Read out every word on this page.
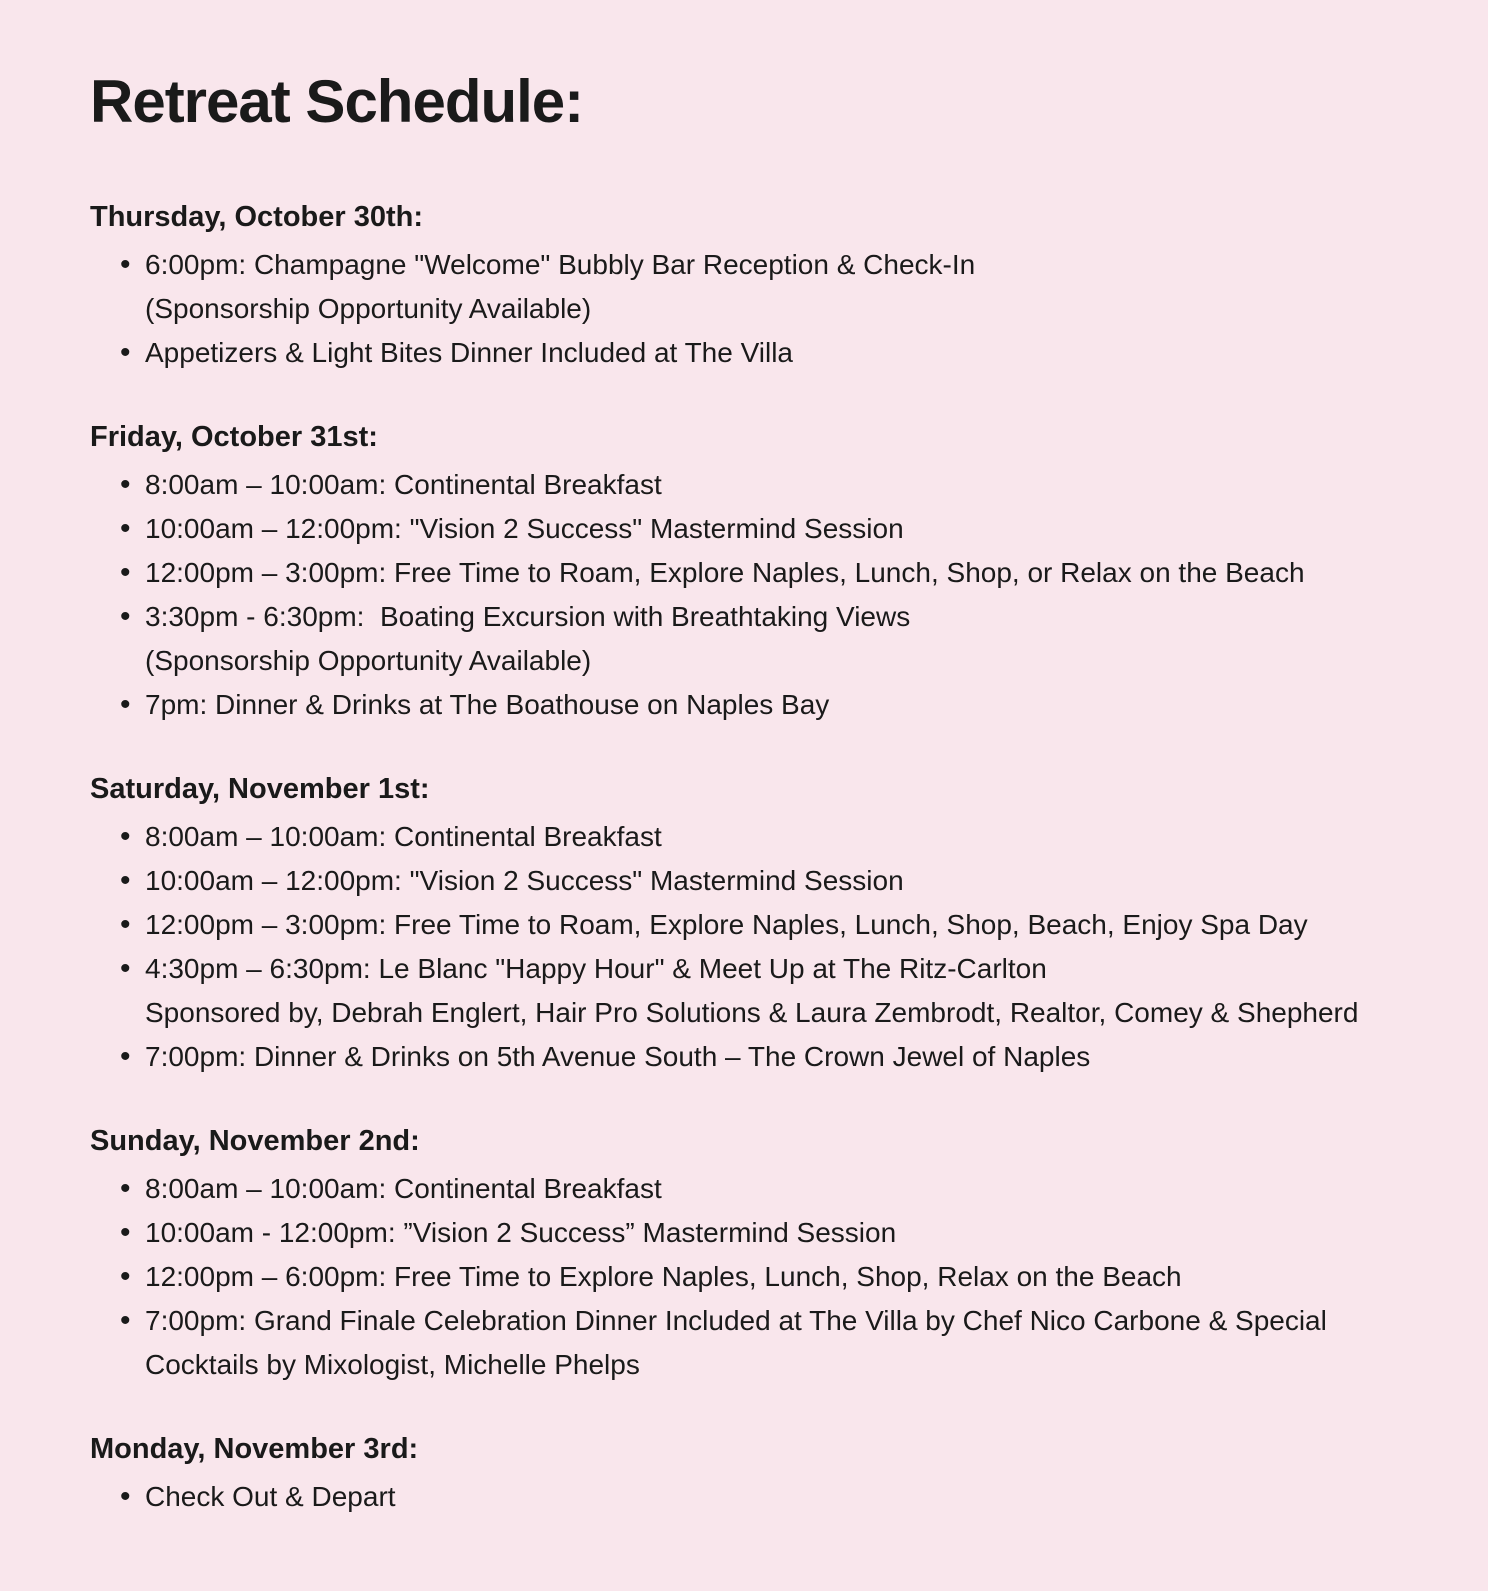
Retreat Schedule:
Thursday, October 30th:
• 6:00pm: Champagne "Welcome" Bubbly Bar Reception & Check-In
(Sponsorship Opportunity Available)
• Appetizers & Light Bites Dinner Included at The Villa
Friday, October 31st:
• 8:00am – 10:00am: Continental Breakfast
• 10:00am – 12:00pm: "Vision 2 Success" Mastermind Session
• 12:00pm – 3:00pm: Free Time to Roam, Explore Naples, Lunch, Shop, or Relax on the Beach
• 3:30pm - 6:30pm:  Boating Excursion with Breathtaking Views
(Sponsorship Opportunity Available)
• 7pm: Dinner & Drinks at The Boathouse on Naples Bay
Saturday, November 1st:
• 8:00am – 10:00am: Continental Breakfast
• 10:00am – 12:00pm: "Vision 2 Success" Mastermind Session
• 12:00pm – 3:00pm: Free Time to Roam, Explore Naples, Lunch, Shop, Beach, Enjoy Spa Day
• 4:30pm – 6:30pm: Le Blanc "Happy Hour" & Meet Up at The Ritz-Carlton
Sponsored by, Debrah Englert, Hair Pro Solutions & Laura Zembrodt, Realtor, Comey & Shepherd
• 7:00pm: Dinner & Drinks on 5th Avenue South – The Crown Jewel of Naples
Sunday, November 2nd:
• 8:00am – 10:00am: Continental Breakfast
• 10:00am - 12:00pm: ”Vision 2 Success” Mastermind Session
• 12:00pm – 6:00pm: Free Time to Explore Naples, Lunch, Shop, Relax on the Beach
• 7:00pm: Grand Finale Celebration Dinner Included at The Villa by Chef Nico Carbone & Special
Cocktails by Mixologist, Michelle Phelps
Monday, November 3rd:
• Check Out & Depart
